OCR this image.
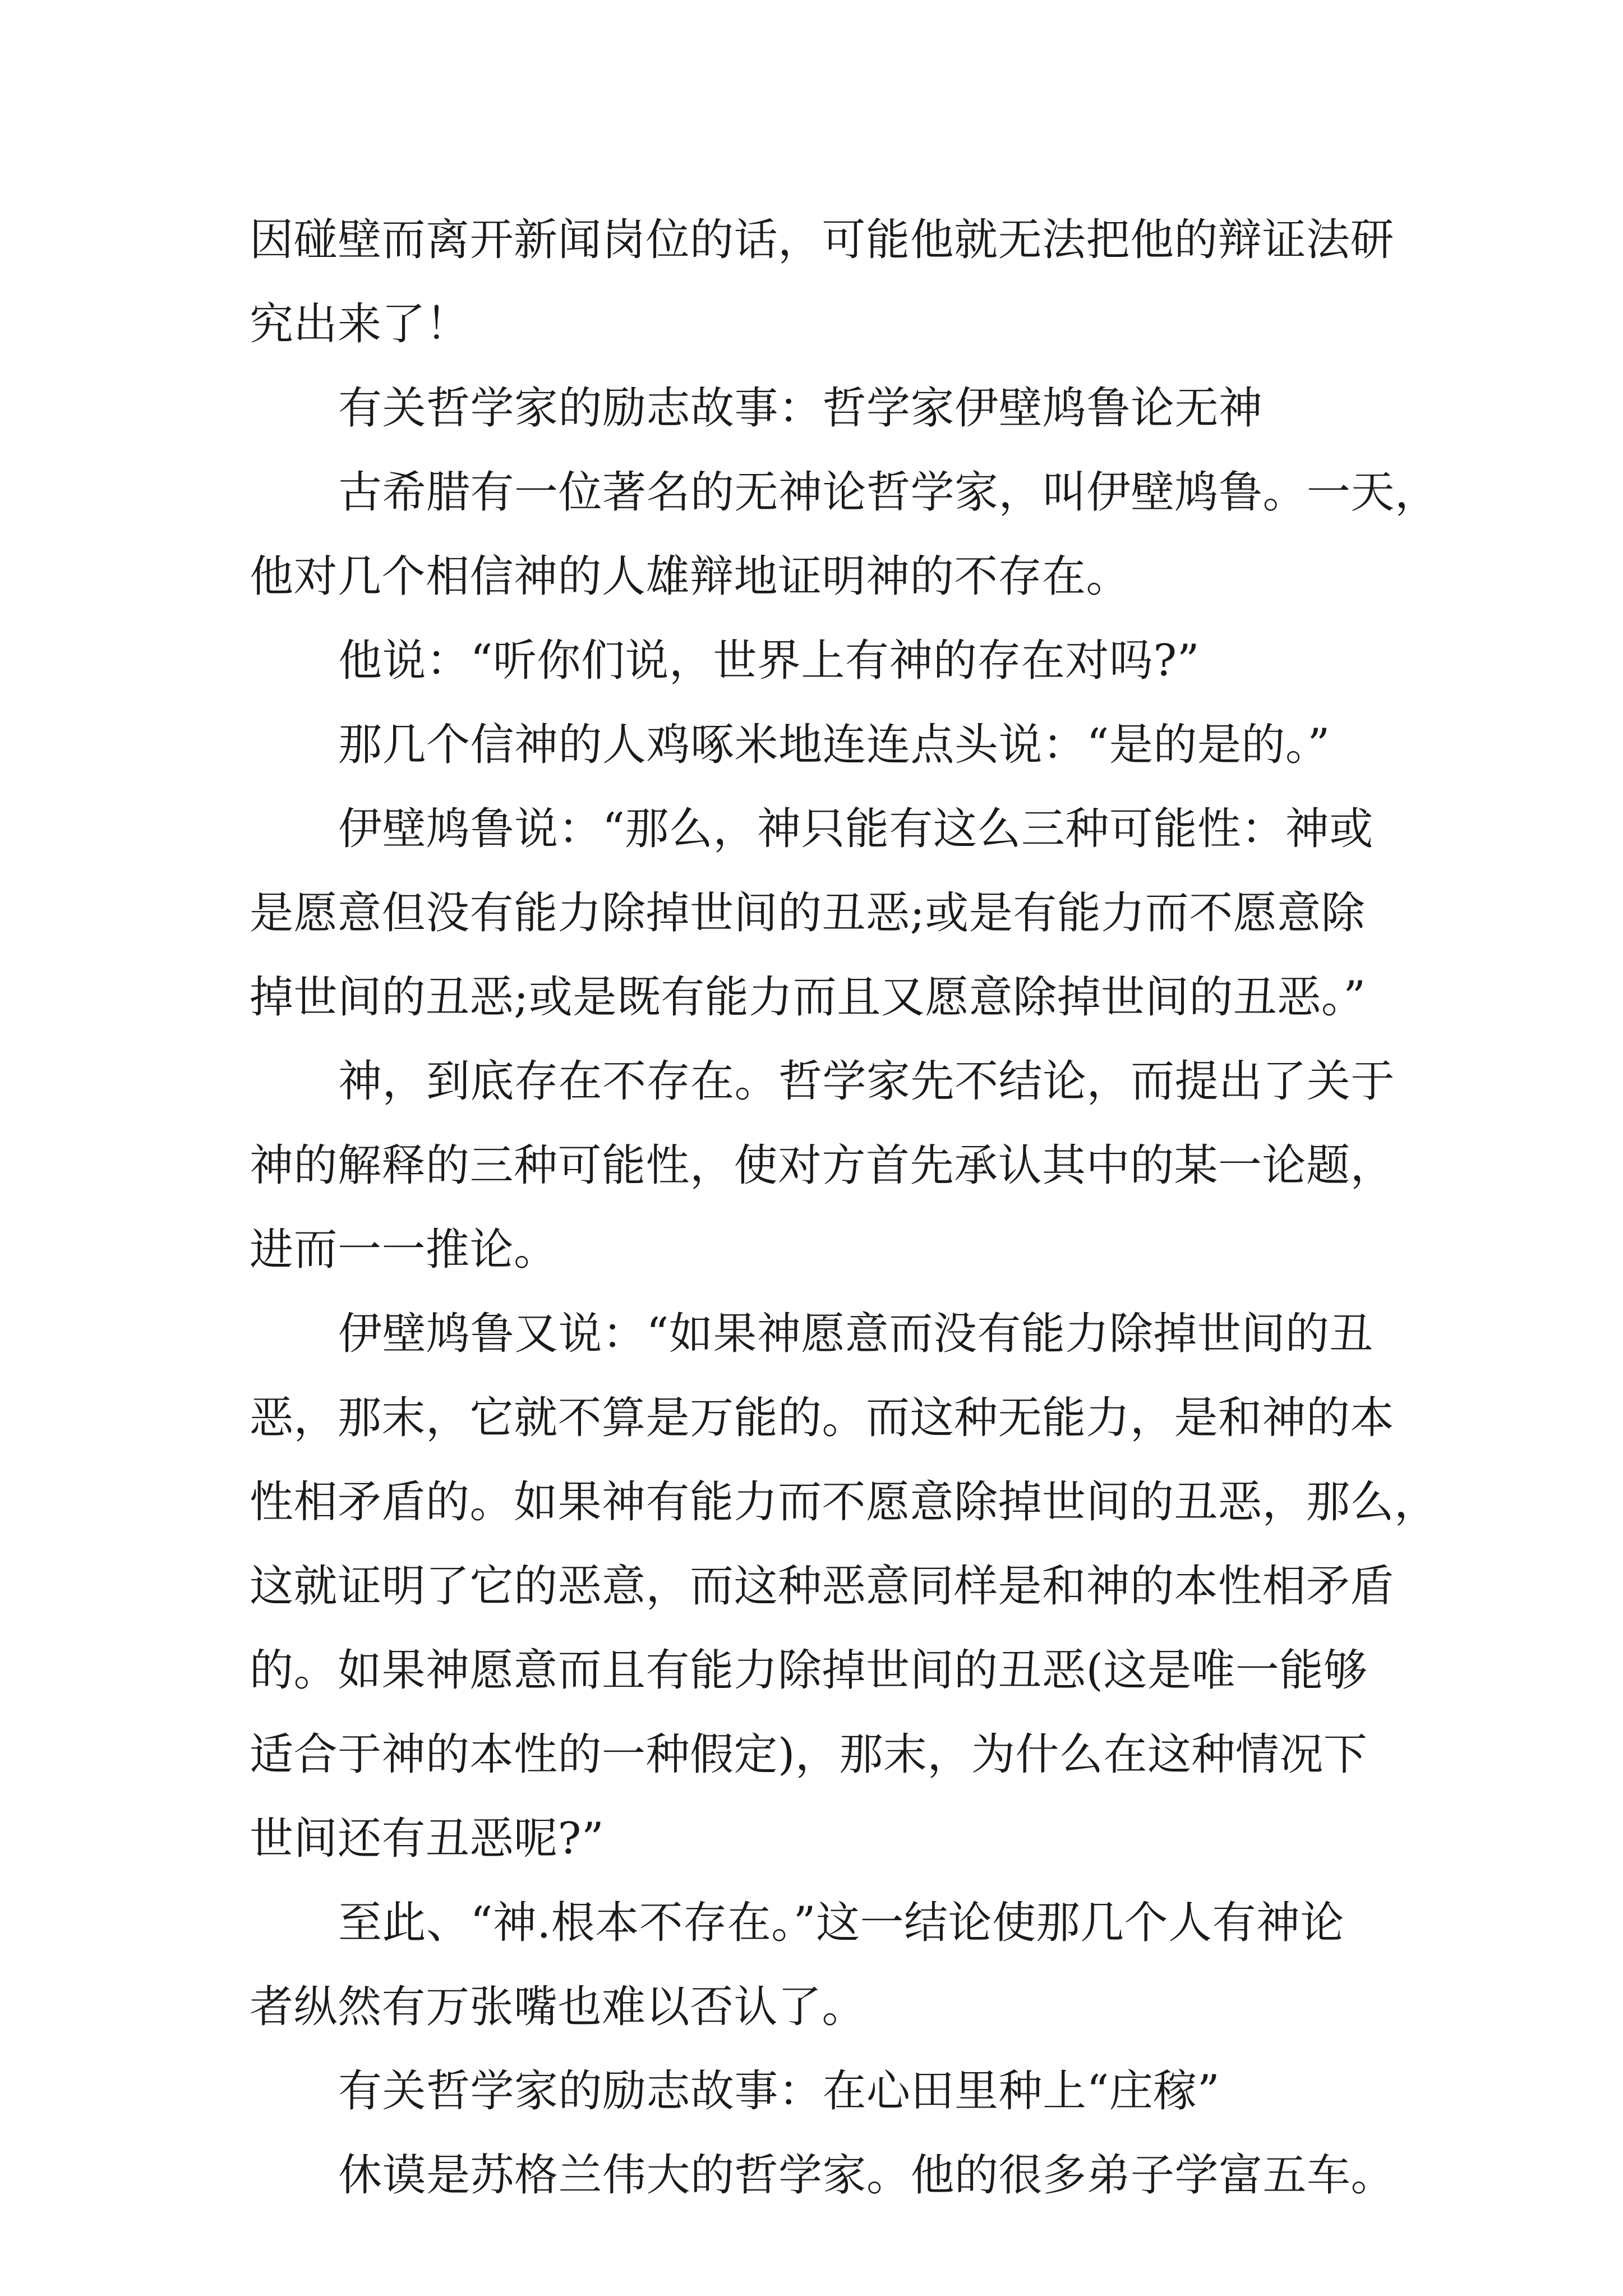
因碰壁而离开新闻岗位的话，可能他就无法把他的辩证法研
究出来了！
有关哲学家的励志故事：哲学家伊壁鸠鲁论无神
古希腊有一位著名的无神论哲学家，叫伊壁鸠鲁。一天，
他对几个相信神的人雄辩地证明神的不存在。
他说：“听你们说，世界上有神的存在对吗?”
那几个信神的人鸡啄米地连连点头说：“是的是的。”
伊壁鸠鲁说：“那么，神只能有这么三种可能性：神或
是愿意但没有能力除掉世间的丑恶;或是有能力而不愿意除
掉世间的丑恶;或是既有能力而且又愿意除掉世间的丑恶。”
神，到底存在不存在。哲学家先不结论，而提出了关于
神的解释的三种可能性，使对方首先承认其中的某一论题，
进而一一推论。
伊壁鸠鲁又说：“如果神愿意而没有能力除掉世间的丑
恶，那末，它就不算是万能的。而这种无能力，是和神的本
性相矛盾的。如果神有能力而不愿意除掉世间的丑恶，那么，
这就证明了它的恶意，而这种恶意同样是和神的本性相矛盾
的。如果神愿意而且有能力除掉世间的丑恶(这是唯一能够
适合于神的本性的一种假定)，那末，为什么在这种情况下
世间还有丑恶呢?”
至此、“神.根本不存在。”这一结论使那几个人有神论
者纵然有万张嘴也难以否认了。
有关哲学家的励志故事：在心田里种上“庄稼”
休谟是苏格兰伟大的哲学家。他的很多弟子学富五车。
